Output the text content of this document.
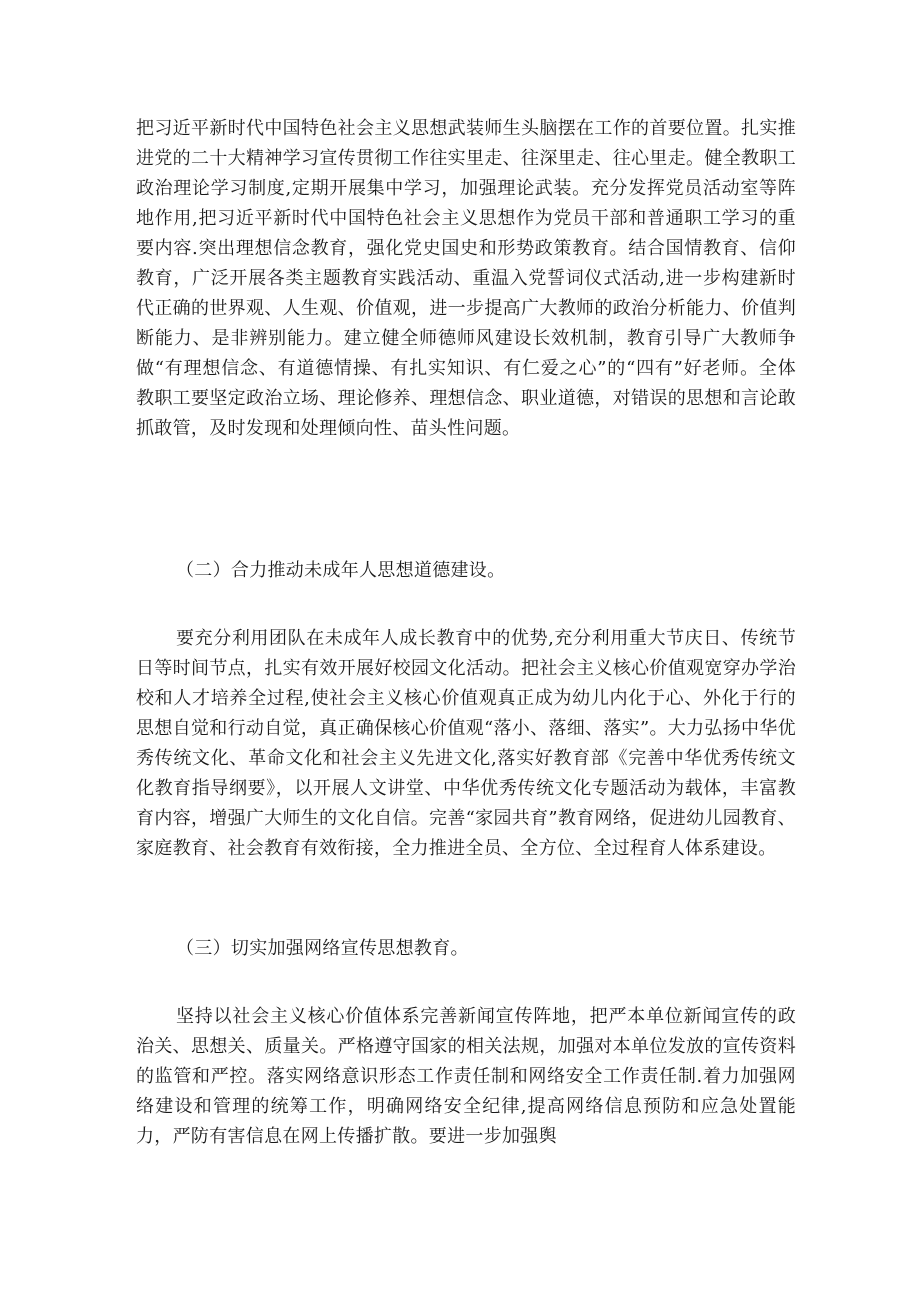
把习近平新时代中国特色社会主义思想武装师生头脑摆在工作的首要位置。扎实推进党的二十大精神学习宣传贯彻工作往实里走、往深里走、往心里走。健全教职工政治理论学习制度,定期开展集中学习，加强理论武装。充分发挥党员活动室等阵地作用,把习近平新时代中国特色社会主义思想作为党员干部和普通职工学习的重要内容.突出理想信念教育，强化党史国史和形势政策教育。结合国情教育、信仰教育，广泛开展各类主题教育实践活动、重温入党誓词仪式活动,进一步构建新时代正确的世界观、人生观、价值观，进一步提高广大教师的政治分析能力、价值判断能力、是非辨别能力。建立健全师德师风建设长效机制，教育引导广大教师争做“有理想信念、有道德情操、有扎实知识、有仁爱之心”的“四有”好老师。全体教职工要坚定政治立场、理论修养、理想信念、职业道德，对错误的思想和言论敢抓敢管，及时发现和处理倾向性、苗头性问题。

（二）合力推动未成年人思想道德建设。

要充分利用团队在未成年人成长教育中的优势,充分利用重大节庆日、传统节日等时间节点，扎实有效开展好校园文化活动。把社会主义核心价值观宽穿办学治校和人才培养全过程,使社会主义核心价值观真正成为幼儿内化于心、外化于行的思想自觉和行动自觉，真正确保核心价值观“落小、落细、落实”。大力弘扬中华优秀传统文化、革命文化和社会主义先进文化,落实好教育部《完善中华优秀传统文化教育指导纲要》，以开展人文讲堂、中华优秀传统文化专题活动为载体，丰富教育内容，增强广大师生的文化自信。完善“家园共育”教育网络，促进幼儿园教育、家庭教育、社会教育有效衔接，全力推进全员、全方位、全过程育人体系建设。

（三）切实加强网络宣传思想教育。

坚持以社会主义核心价值体系完善新闻宣传阵地，把严本单位新闻宣传的政治关、思想关、质量关。严格遵守国家的相关法规，加强对本单位发放的宣传资料的监管和严控。落实网络意识形态工作责任制和网络安全工作责任制.着力加强网络建设和管理的统筹工作，明确网络安全纪律,提高网络信息预防和应急处置能力，严防有害信息在网上传播扩散。要进一步加强舆
